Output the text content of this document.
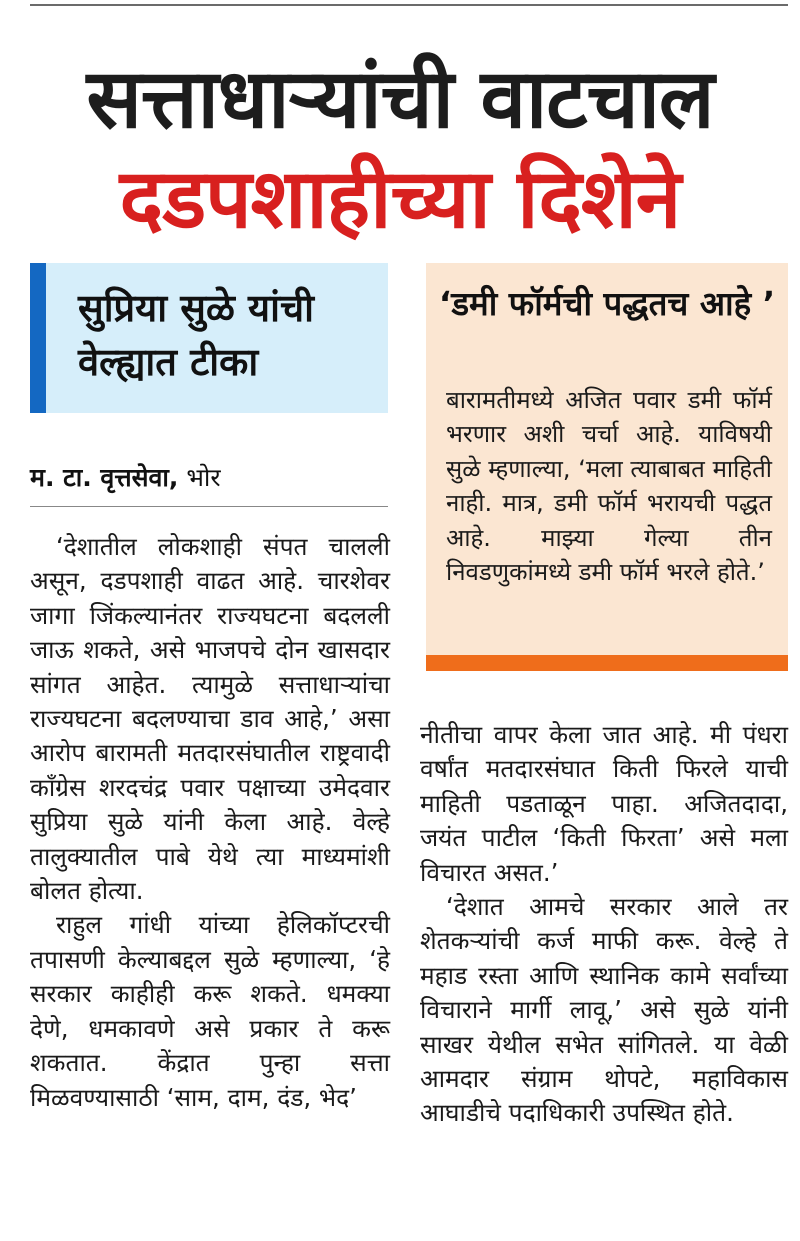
सत्ताधाऱ्यांची वाटचाल
दडपशाहीच्या दिशेने
सुप्रिया सुळे यांची वेल्ह्यात टीका
म. टा. वृत्तसेवा, भोर

‘देशातील लोकशाही संपत चालली असून, दडपशाही वाढत आहे. चारशेवर जागा जिंकल्यानंतर राज्यघटना बदलली जाऊ शकते, असे भाजपचे दोन खासदार सांगत आहेत. त्यामुळे सत्ताधाऱ्यांचा राज्यघटना बदलण्याचा डाव आहे,’ असा आरोप बारामती मतदारसंघातील राष्ट्रवादी काँग्रेस शरदचंद्र पवार पक्षाच्या उमेदवार सुप्रिया सुळे यांनी केला आहे. वेल्हे तालुक्यातील पाबे येथे त्या माध्यमांशी बोलत होत्या.

राहुल गांधी यांच्या हेलिकॉप्टरची तपासणी केल्याबद्दल सुळे म्हणाल्या, ‘हे सरकार काहीही करू शकते. धमक्या देणे, धमकावणे असे प्रकार ते करू शकतात. केंद्रात पुन्हा सत्ता मिळवण्यासाठी ‘साम, दाम, दंड, भेद’

‘डमी फॉर्मची पद्धतच आहे ’
बारामतीमध्ये अजित पवार डमी फॉर्म भरणार अशी चर्चा आहे. याविषयी सुळे म्हणाल्या, ‘मला त्याबाबत माहिती नाही. मात्र, डमी फॉर्म भरायची पद्धत आहे. माझ्या गेल्या तीन निवडणुकांमध्ये डमी फॉर्म भरले होते.’

नीतीचा वापर केला जात आहे. मी पंधरा वर्षांत मतदारसंघात किती फिरले याची माहिती पडताळून पाहा. अजितदादा, जयंत पाटील ‘किती फिरता’ असे मला विचारत असत.’

‘देशात आमचे सरकार आले तर शेतकऱ्यांची कर्ज माफी करू. वेल्हे ते महाड रस्ता आणि स्थानिक कामे सर्वांच्या विचाराने मार्गी लावू,’ असे सुळे यांनी साखर येथील सभेत सांगितले. या वेळी आमदार संग्राम थोपटे, महाविकास आघाडीचे पदाधिकारी उपस्थित होते.
